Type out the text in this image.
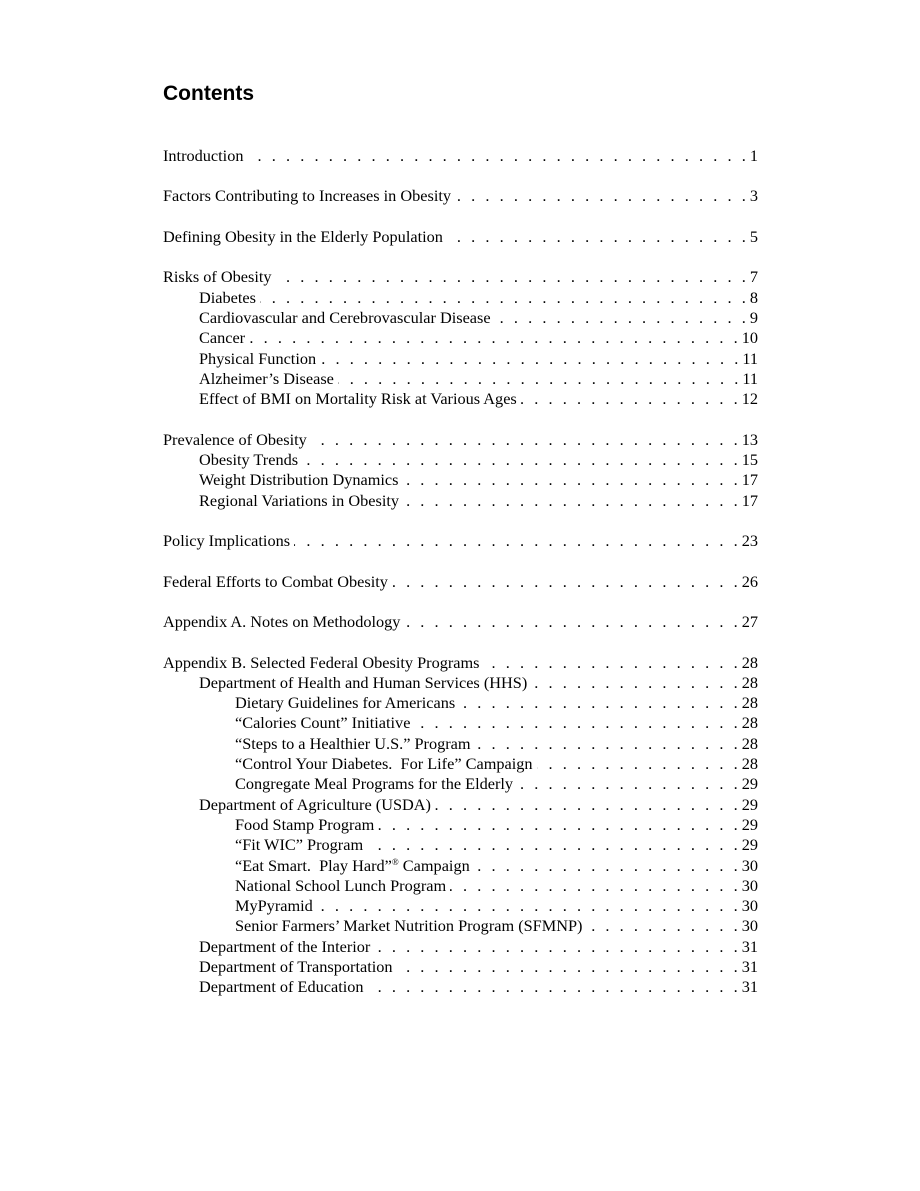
Contents
Introduction . . .	1
Factors Contributing to Increases in Obesity . . .	3
Defining Obesity in the Elderly Population . . .	5
Risks of Obesity . . .	7
Diabetes . . .	8
Cardiovascular and Cerebrovascular Disease . . .	9
Cancer . . .	10
Physical Function . . .	11
Alzheimer’s Disease . . .	11
Effect of BMI on Mortality Risk at Various Ages . . .	12
Prevalence of Obesity . . .	13
Obesity Trends . . .	15
Weight Distribution Dynamics . . .	17
Regional Variations in Obesity . . .	17
Policy Implications . . .	23
Federal Efforts to Combat Obesity . . .	26
Appendix A. Notes on Methodology . . .	27
Appendix B. Selected Federal Obesity Programs . . .	28
Department of Health and Human Services (HHS) . . .	28
Dietary Guidelines for Americans . . .	28
“Calories Count” Initiative . . .	28
“Steps to a Healthier U.S.” Program . . .	28
“Control Your Diabetes.  For Life” Campaign . . .	28
Congregate Meal Programs for the Elderly . . .	29
Department of Agriculture (USDA) . . .	29
Food Stamp Program . . .	29
“Fit WIC” Program . . .	29
“Eat Smart.  Play Hard”® Campaign . . .	30
National School Lunch Program . . .	30
MyPyramid . . .	30
Senior Farmers’ Market Nutrition Program (SFMNP) . . .	30
Department of the Interior . . .	31
Department of Transportation . . .	31
Department of Education . . .	31
